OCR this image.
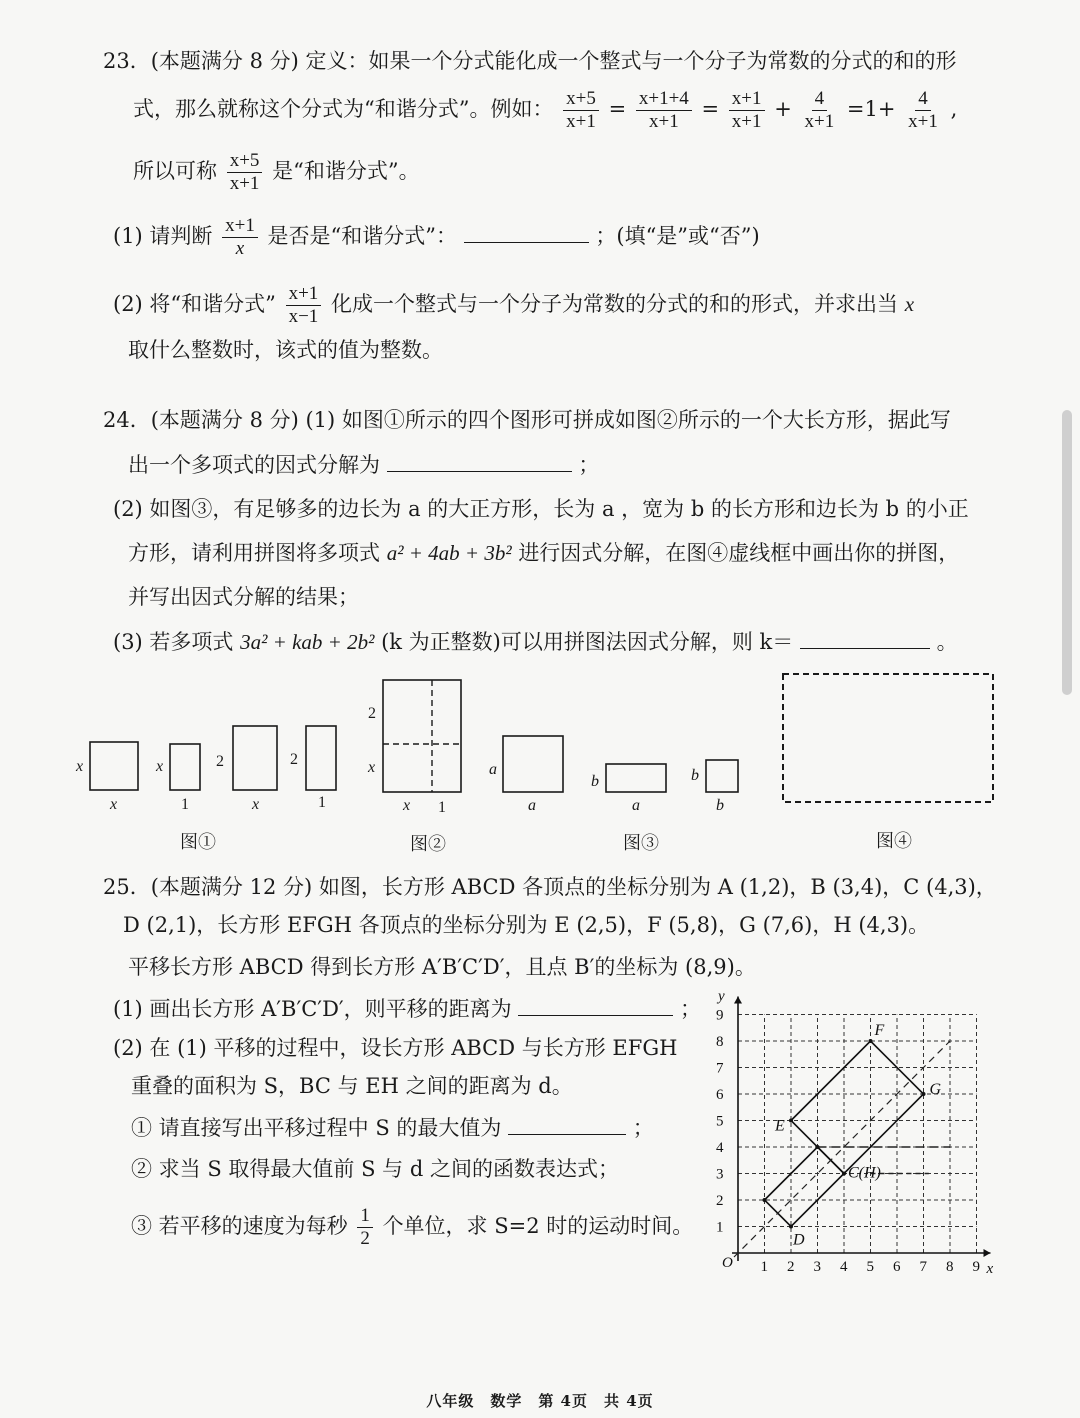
23．(本题满分 8 分) 定义：如果一个分式能化成一个整式与一个分子为常数的分式的和的形
式，那么就称这个分式为“和谐分式”。例如： $\frac{x+5}{x+1} = \frac{x+1+4}{x+1} = \frac{x+1}{x+1} + \frac{4}{x+1} =1+ \frac{4}{x+1}$ ,
所以可称 $\frac{x+5}{x+1}$ 是“和谐分式”。
(1) 请判断 $\frac{x+1}{x}$ 是否是“和谐分式”：	；(填“是”或“否”)
(2) 将“和谐分式” $\frac{x+1}{x-1}$ 化成一个整式与一个分子为常数的分式的和的形式，并求出当 x
取什么整数时，该式的值为整数。
24．(本题满分 8 分) (1) 如图①所示的四个图形可拼成如图②所示的一个大长方形，据此写
出一个多项式的因式分解为	；
(2) 如图③，有足够多的边长为 a 的大正方形，长为 a ，宽为 b 的长方形和边长为 b 的小正
方形，请利用拼图将多项式 a² + 4ab + 3b² 进行因式分解，在图④虚线框中画出你的拼图，
并写出因式分解的结果；
(3) 若多项式 3a² + kab + 2b² (k 为正整数)可以用拼图法因式分解，则 k＝	。
x
x
x
1
2
x
2
1
2
x
x 1
a
a
b
a
b
b
图①	图②	图③	图④
25．(本题满分 12 分) 如图，长方形 ABCD 各顶点的坐标分别为 A (1,2)，B (3,4)，C (4,3)，
D (2,1)，长方形 EFGH 各顶点的坐标分别为 E (2,5)，F (5,8)，G (7,6)，H (4,3)。
平移长方形 ABCD 得到长方形 A′B′C′D′，且点 B′的坐标为 (8,9)。
(1) 画出长方形 A′B′C′D′，则平移的距离为	；
(2) 在 (1) 平移的过程中，设长方形 ABCD 与长方形 EFGH
重叠的面积为 S，BC 与 EH 之间的距离为 d。
① 请直接写出平移过程中 S 的最大值为	；
② 求当 S 取得最大值前 S 与 d 之间的函数表达式；
③ 若平移的速度为每秒 $\frac{1}{2}$ 个单位，求 S=2 时的运动时间。
1 2 3 4 5 6 7 8 9
1
2
3
4
5
6
7
8
9
O	x
y
C(H)
D
E
F
G
八年级　数学　第 4页　共 4页
